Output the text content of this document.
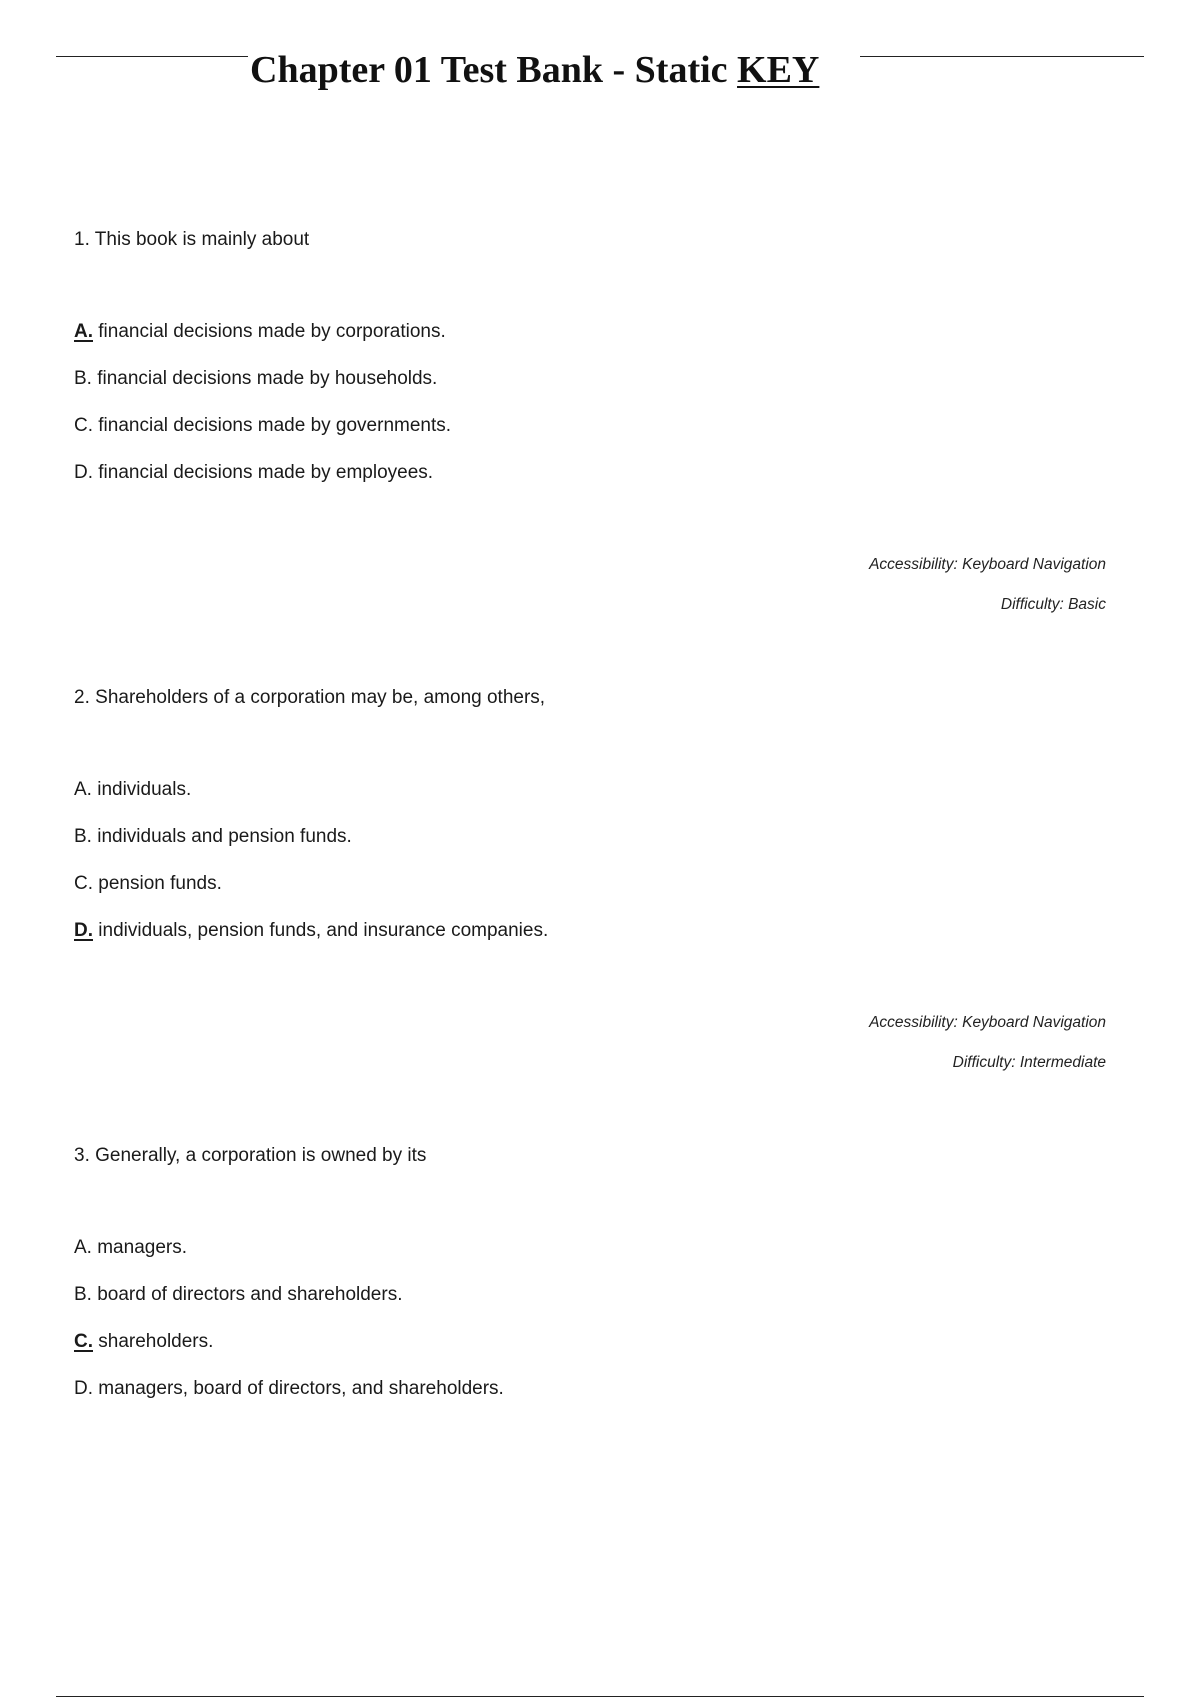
Chapter 01 Test Bank - Static KEY

1. This book is mainly about

A. financial decisions made by corporations.
B. financial decisions made by households.
C. financial decisions made by governments.
D. financial decisions made by employees.
Accessibility: Keyboard Navigation
Difficulty: Basic

2. Shareholders of a corporation may be, among others,

A. individuals.
B. individuals and pension funds.
C. pension funds.
D. individuals, pension funds, and insurance companies.
Accessibility: Keyboard Navigation
Difficulty: Intermediate

3. Generally, a corporation is owned by its

A. managers.
B. board of directors and shareholders.
C. shareholders.
D. managers, board of directors, and shareholders.
